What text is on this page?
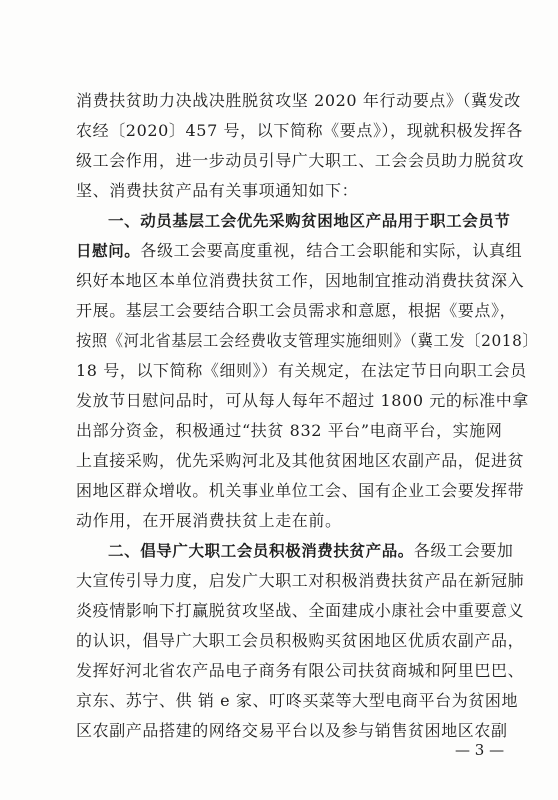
消费扶贫助力决战决胜脱贫攻坚 2020 年行动要点》（冀发改
农经〔2020〕457 号，以下简称《要点》），现就积极发挥各
级工会作用，进一步动员引导广大职工、工会会员助力脱贫攻
坚、消费扶贫产品有关事项通知如下：
一、动员基层工会优先采购贫困地区产品用于职工会员节
日慰问。各级工会要高度重视，结合工会职能和实际，认真组
织好本地区本单位消费扶贫工作，因地制宜推动消费扶贫深入
开展。基层工会要结合职工会员需求和意愿，根据《要点》，
按照《河北省基层工会经费收支管理实施细则》（冀工发〔2018〕
18 号，以下简称《细则》）有关规定，在法定节日向职工会员
发放节日慰问品时，可从每人每年不超过 1800 元的标准中拿
出部分资金，积极通过“扶贫 832 平台”电商平台，实施网
上直接采购，优先采购河北及其他贫困地区农副产品，促进贫
困地区群众增收。机关事业单位工会、国有企业工会要发挥带
动作用，在开展消费扶贫上走在前。
二、倡导广大职工会员积极消费扶贫产品。各级工会要加
大宣传引导力度，启发广大职工对积极消费扶贫产品在新冠肺
炎疫情影响下打赢脱贫攻坚战、全面建成小康社会中重要意义
的认识，倡导广大职工会员积极购买贫困地区优质农副产品，
发挥好河北省农产品电子商务有限公司扶贫商城和阿里巴巴、
京东、苏宁、供 销 e 家、叮咚买菜等大型电商平台为贫困地
区农副产品搭建的网络交易平台以及参与销售贫困地区农副
— 3 —
